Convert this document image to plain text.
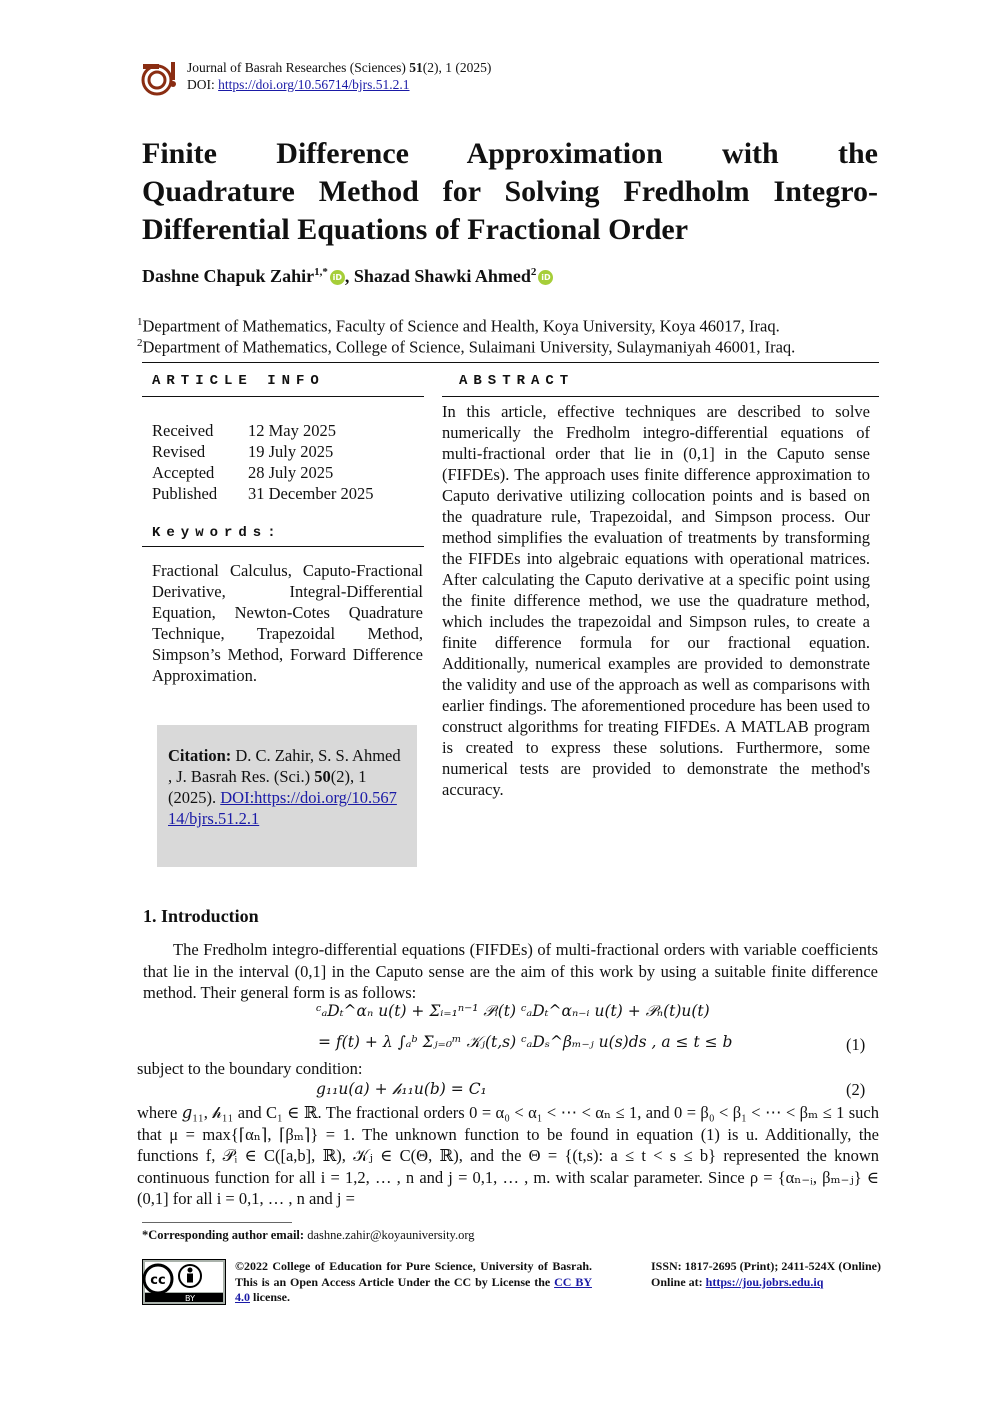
Journal of Basrah Researches (Sciences) 51(2), 1 (2025)
DOI: https://doi.org/10.56714/bjrs.51.2.1
Finite Difference Approximation with the
Quadrature Method for Solving Fredholm Integro-Differential Equations of Fractional Order
Dashne Chapuk Zahir$^{1,*}$ iD , Shazad Shawki Ahmed$^2$ iD
$^1$Department of Mathematics, Faculty of Science and Health, Koya University, Koya 46017, Iraq.
$^2$Department of Mathematics, College of Science, Sulaimani University, Sulaymaniyah 46001, Iraq.
ARTICLE INFO	ABSTRACT
Received	12 May 2025
Revised	19 July 2025
Accepted	28 July 2025
Published	31 December 2025
Keywords:
Fractional Calculus, Caputo-Fractional Derivative, Integral-Differential Equation, Newton-Cotes Quadrature Technique, Trapezoidal Method, Simpson’s Method, Forward Difference Approximation.
Citation: D. C. Zahir, S. S. Ahmed , J. Basrah Res. (Sci.) 50(2), 1 (2025). DOI:https://doi.org/10.56714/bjrs.51.2.1
In this article, effective techniques are described to solve numerically the Fredholm integro-differential equations of multi-fractional order that lie in (0,1] in the Caputo sense (FIFDEs). The approach uses finite difference approximation to Caputo derivative utilizing collocation points and is based on the quadrature rule, Trapezoidal, and Simpson process. Our method simplifies the evaluation of treatments by transforming the FIFDEs into algebraic equations with operational matrices. After calculating the Caputo derivative at a specific point using the finite difference method, we use the quadrature method, which includes the trapezoidal and Simpson rules, to create a finite difference formula for our fractional equation. Additionally, numerical examples are provided to demonstrate the validity and use of the approach as well as comparisons with earlier findings. The aforementioned procedure has been used to construct algorithms for treating FIFDEs. A MATLAB program is created to express these solutions. Furthermore, some numerical tests are provided to demonstrate the method's accuracy.
1. Introduction
The Fredholm integro-differential equations (FIFDEs) of multi-fractional orders with variable coefficients that lie in the interval (0,1] in the Caputo sense are the aim of this work by using a suitable finite difference method. Their general form is as follows:
ᶜₐDₜ^αₙ u(t) + Σᵢ₌₁ⁿ⁻¹ 𝒫ᵢ(t) ᶜₐDₜ^αₙ₋ᵢ u(t) + 𝒫ₙ(t)u(t)
= f(t) + λ ∫ₐᵇ Σⱼ₌₀ᵐ 𝒦ⱼ(t,s) ᶜₐDₛ^βₘ₋ⱼ u(s)ds , a ≤ t ≤ b	(1)
subject to the boundary condition:
𝑔₁₁u(a) + 𝒽₁₁u(b) = C₁	(2)
where 𝑔₁₁, 𝒽₁₁ and C₁ ∈ ℝ. The fractional orders 0 = α₀ < α₁ < ⋯ < αₙ ≤ 1, and 0 = β₀ < β₁ < ⋯ < βₘ ≤ 1 such that μ = max{⌈αₙ⌉, ⌈βₘ⌉} = 1. The unknown function to be found in equation (1) is u. Additionally, the functions f, 𝒫ᵢ ∈ C([a,b], ℝ), 𝒦ⱼ ∈ C(Θ, ℝ), and the Θ = {(t,s): a ≤ t < s ≤ b} represented the known continuous function for all i = 1,2, … , n and j = 0,1, … , m. with scalar parameter. Since ρ = {αₙ₋ᵢ, βₘ₋ⱼ} ∈ (0,1] for all i = 0,1, … , n and j =
*Corresponding author email: dashne.zahir@koyauniversity.org
cc
BY
©2022 College of Education for Pure Science, University of Basrah. This is an Open Access Article Under the CC by License the CC BY 4.0 license.
ISSN: 1817-2695 (Print); 2411-524X (Online)
Online at: https://jou.jobrs.edu.iq
